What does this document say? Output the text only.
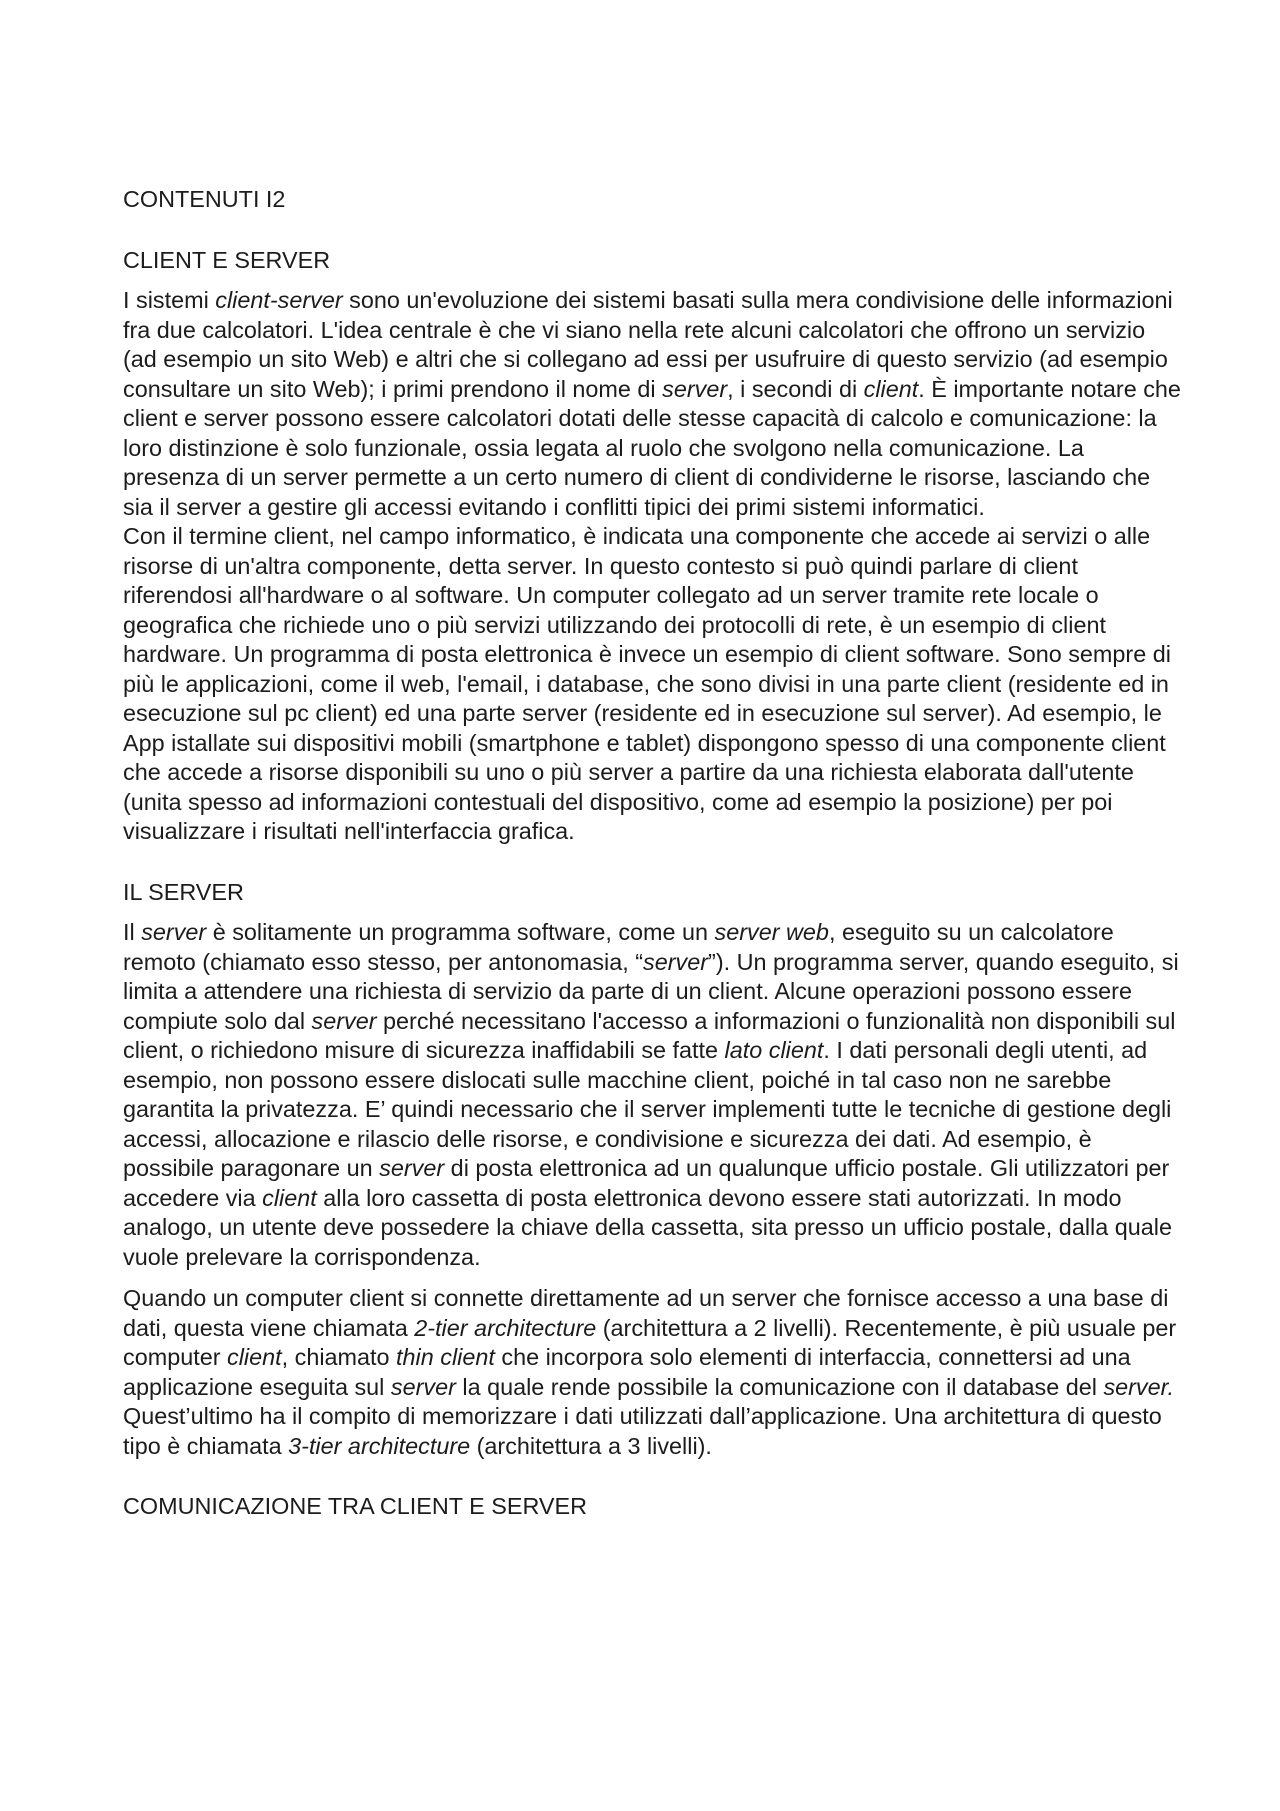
CONTENUTI I2

CLIENT E SERVER

I sistemi client-server sono un'evoluzione dei sistemi basati sulla mera condivisione delle informazioni fra due calcolatori. L'idea centrale è che vi siano nella rete alcuni calcolatori che offrono un servizio (ad esempio un sito Web) e altri che si collegano ad essi per usufruire di questo servizio (ad esempio consultare un sito Web); i primi prendono il nome di server, i secondi di client. È importante notare che client e server possono essere calcolatori dotati delle stesse capacità di calcolo e comunicazione: la loro distinzione è solo funzionale, ossia legata al ruolo che svolgono nella comunicazione. La presenza di un server permette a un certo numero di client di condividerne le risorse, lasciando che sia il server a gestire gli accessi evitando i conflitti tipici dei primi sistemi informatici.

Con il termine client, nel campo informatico, è indicata una componente che accede ai servizi o alle risorse di un'altra componente, detta server. In questo contesto si può quindi parlare di client riferendosi all'hardware o al software. Un computer collegato ad un server tramite rete locale o geografica che richiede uno o più servizi utilizzando dei protocolli di rete, è un esempio di client hardware. Un programma di posta elettronica è invece un esempio di client software. Sono sempre di più le applicazioni, come il web, l'email, i database, che sono divisi in una parte client (residente ed in esecuzione sul pc client) ed una parte server (residente ed in esecuzione sul server). Ad esempio, le App istallate sui dispositivi mobili (smartphone e tablet) dispongono spesso di una componente client che accede a risorse disponibili su uno o più server a partire da una richiesta elaborata dall'utente (unita spesso ad informazioni contestuali del dispositivo, come ad esempio la posizione) per poi visualizzare i risultati nell'interfaccia grafica.

IL SERVER

Il server è solitamente un programma software, come un server web, eseguito su un calcolatore remoto (chiamato esso stesso, per antonomasia, “server”). Un programma server, quando eseguito, si limita a attendere una richiesta di servizio da parte di un client. Alcune operazioni possono essere compiute solo dal server perché necessitano l'accesso a informazioni o funzionalità non disponibili sul client, o richiedono misure di sicurezza inaffidabili se fatte lato client. I dati personali degli utenti, ad esempio, non possono essere dislocati sulle macchine client, poiché in tal caso non ne sarebbe garantita la privatezza. E’ quindi necessario che il server implementi tutte le tecniche di gestione degli accessi, allocazione e rilascio delle risorse, e condivisione e sicurezza dei dati. Ad esempio, è possibile paragonare un server di posta elettronica ad un qualunque ufficio postale. Gli utilizzatori per accedere via client alla loro cassetta di posta elettronica devono essere stati autorizzati. In modo analogo, un utente deve possedere la chiave della cassetta, sita presso un ufficio postale, dalla quale vuole prelevare la corrispondenza.

Quando un computer client si connette direttamente ad un server che fornisce accesso a una base di dati, questa viene chiamata 2-tier architecture (architettura a 2 livelli). Recentemente, è più usuale per computer client, chiamato thin client che incorpora solo elementi di interfaccia, connettersi ad una applicazione eseguita sul server la quale rende possibile la comunicazione con il database del server. Quest’ultimo ha il compito di memorizzare i dati utilizzati dall’applicazione. Una architettura di questo tipo è chiamata 3-tier architecture (architettura a 3 livelli).

COMUNICAZIONE TRA CLIENT E SERVER
